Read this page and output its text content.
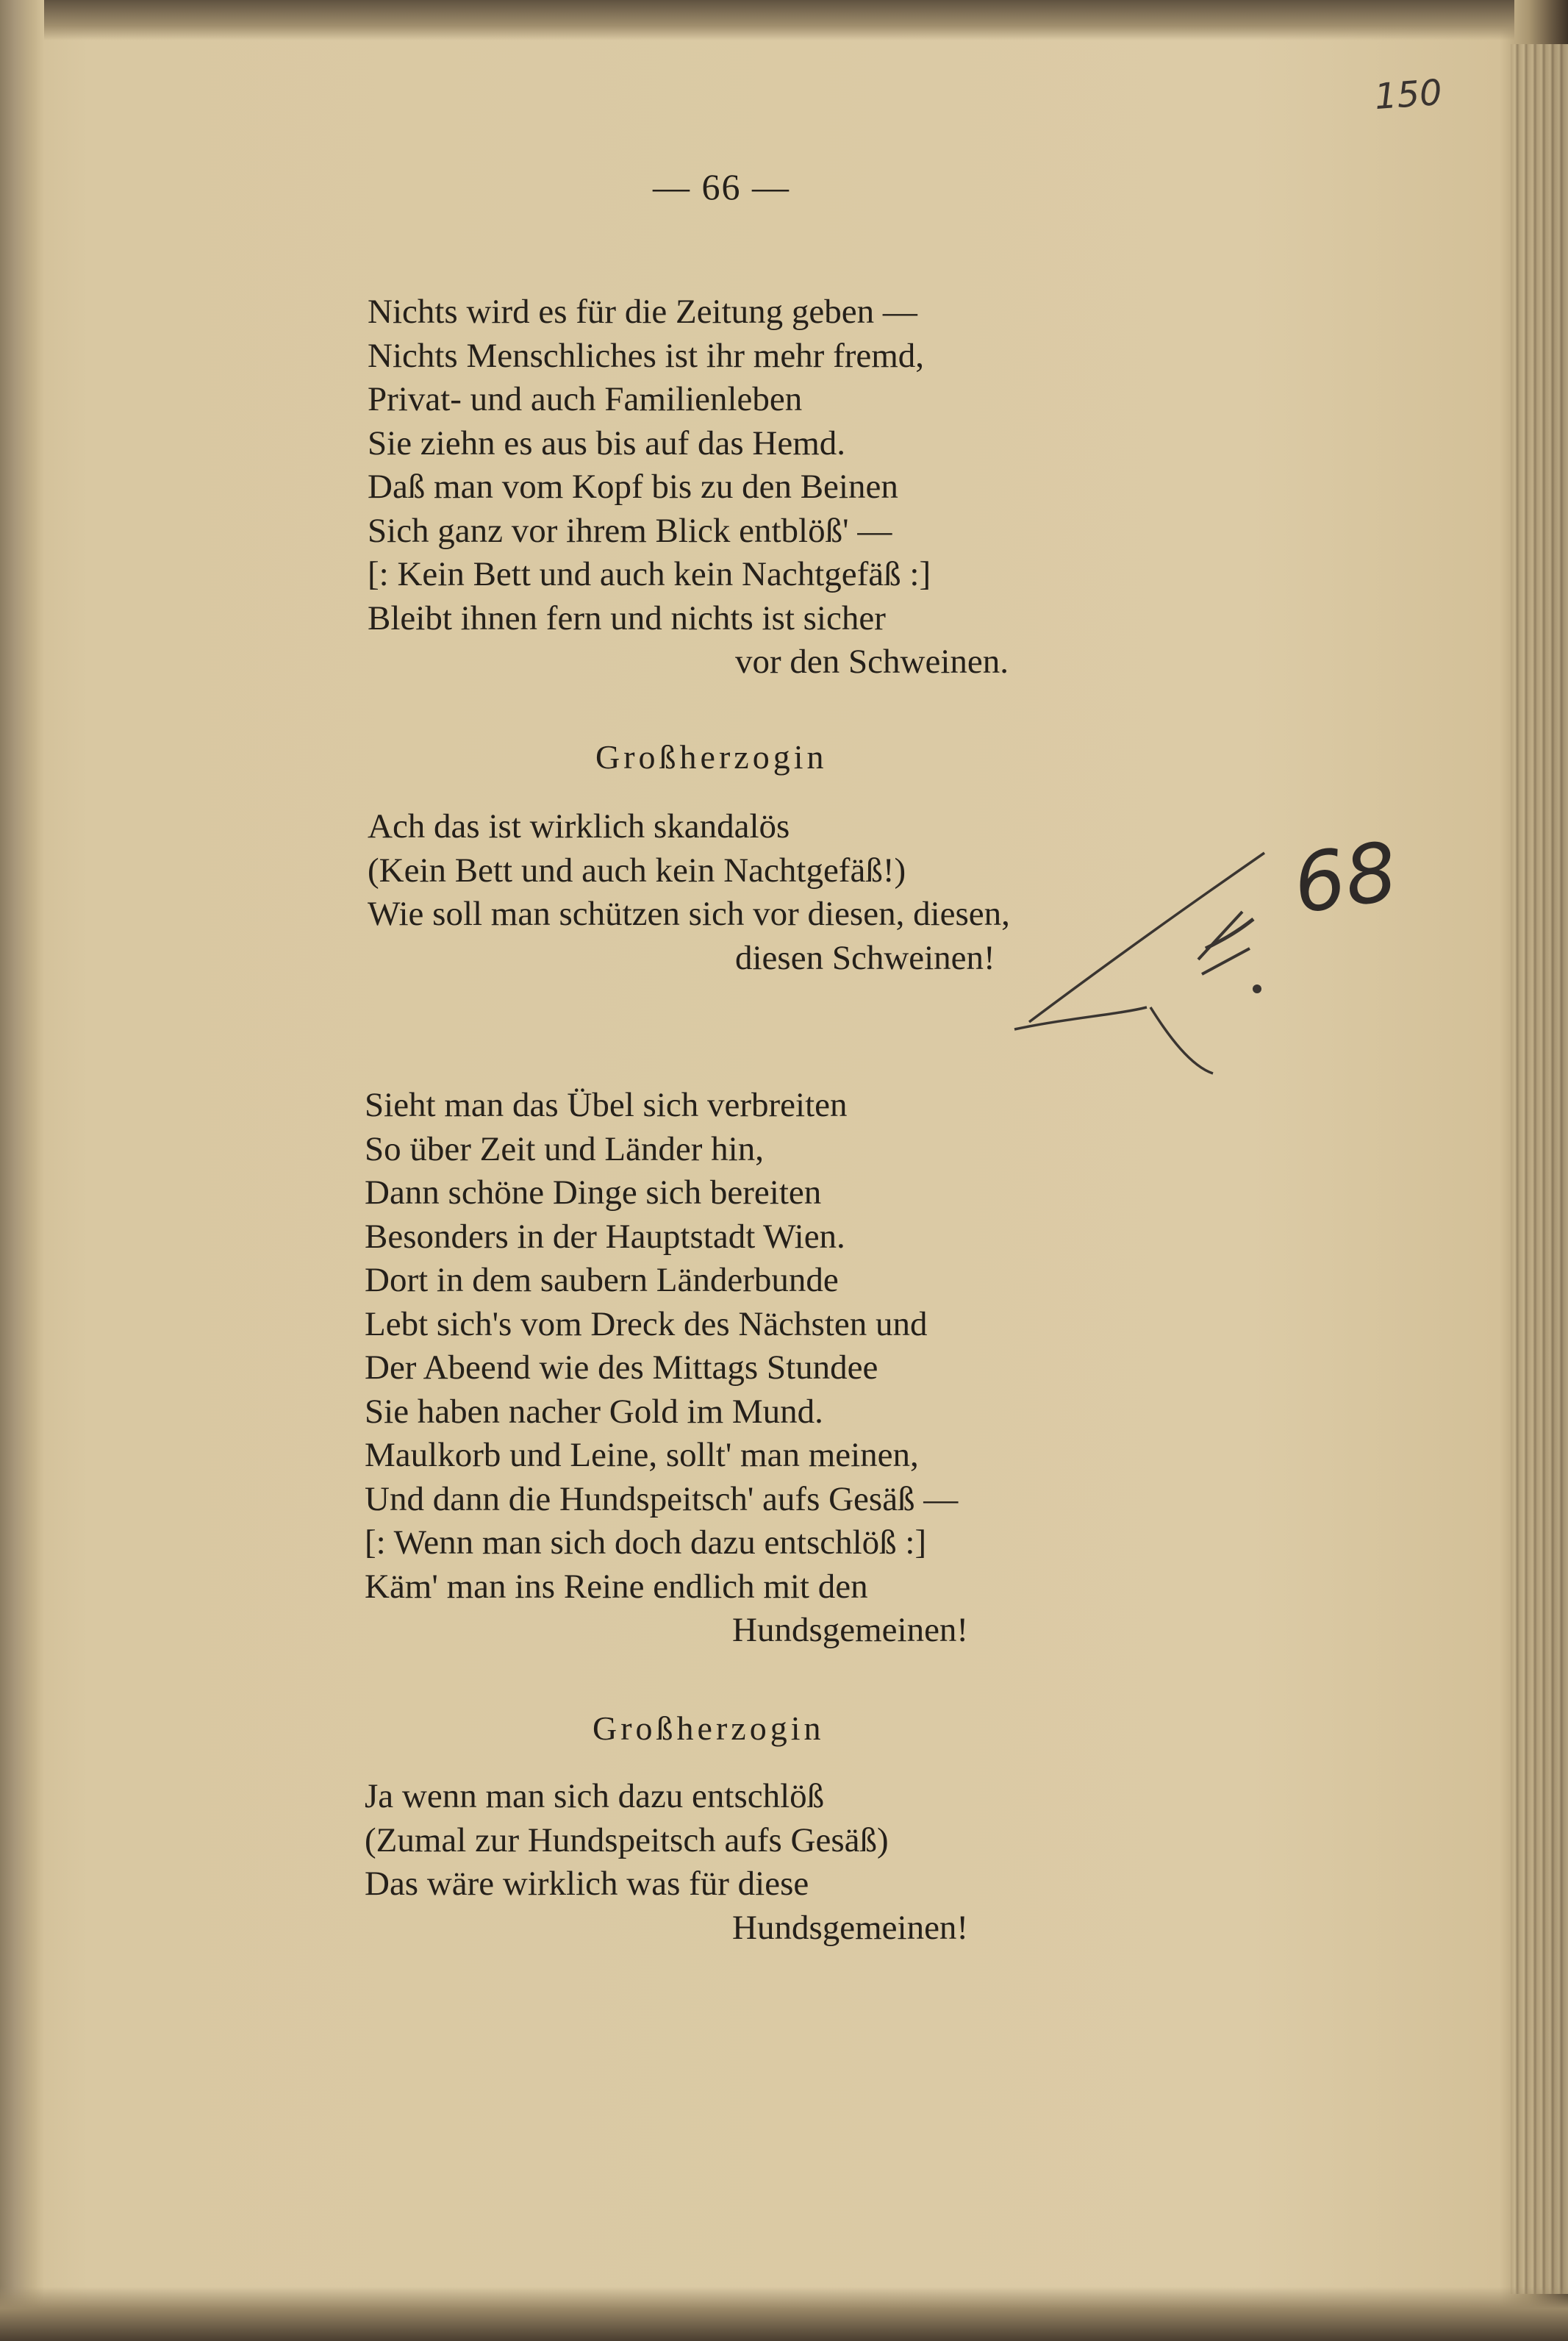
150
— 66 —
Nichts wird es für die Zeitung geben —
Nichts Menschliches ist ihr mehr fremd,
Privat- und auch Familienleben
Sie ziehn es aus bis auf das Hemd.
Daß man vom Kopf bis zu den Beinen
Sich ganz vor ihrem Blick entblöß' —
[: Kein Bett und auch kein Nachtgefäß :]
Bleibt ihnen fern und nichts ist sicher
vor den Schweinen.
Großherzogin
Ach das ist wirklich skandalös
(Kein Bett und auch kein Nachtgefäß!)
Wie soll man schützen sich vor diesen, diesen,
diesen Schweinen!
68
Sieht man das Übel sich verbreiten
So über Zeit und Länder hin,
Dann schöne Dinge sich bereiten
Besonders in der Hauptstadt Wien.
Dort in dem saubern Länderbunde
Lebt sich's vom Dreck des Nächsten und
Der Abeend wie des Mittags Stundee
Sie haben nacher Gold im Mund.
Maulkorb und Leine, sollt' man meinen,
Und dann die Hundspeitsch' aufs Gesäß —
[: Wenn man sich doch dazu entschlöß :]
Käm' man ins Reine endlich mit den
Hundsgemeinen!
Großherzogin
Ja wenn man sich dazu entschlöß
(Zumal zur Hundspeitsch aufs Gesäß)
Das wäre wirklich was für diese
Hundsgemeinen!
